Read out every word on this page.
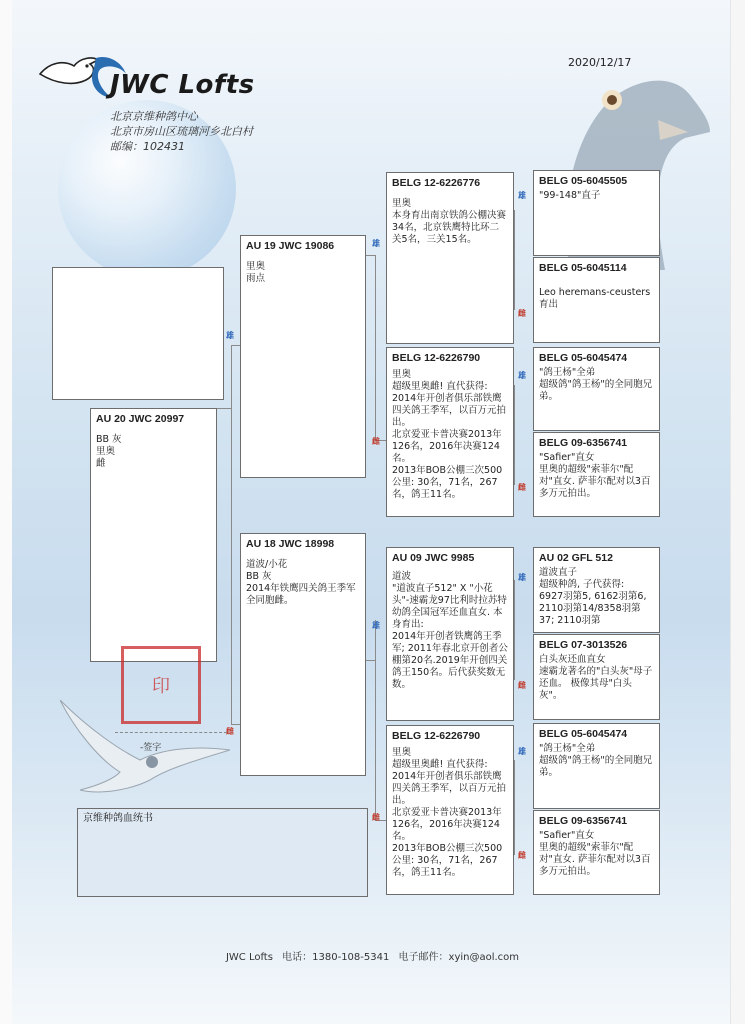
JWC Lofts
北京京维种鸽中心
北京市房山区琉璃河乡北白村
邮编：102431
2020/12/17
雄
雌
雄
雌
雄
雌
雄
雌
雄
雌
雄
雌
雄
雌
AU 20 JWC 20997
BB 灰
里奥
雌
AU 19 JWC 19086
里奥
雨点
AU 18 JWC 18998
道波/小花
BB 灰
2014年铁鹰四关鸽王季军全同胞雌。
BELG 12-6226776
里奥
本身育出南京铁鸽公棚决赛34名，北京铁鹰特比环二关5名，三关15名。
BELG 12-6226790
里奥
超级里奥雌! 直代获得:
2014年开创者俱乐部铁鹰四关鸽王季军，以百万元拍出。
北京爱亚卡普决赛2013年126名，2016年决赛124名。
2013年BOB公棚三次500公里: 30名，71名，267名，鸽王11名。
AU 09 JWC 9985
道波
"道波直子512" X "小花头"-速霸龙97比利时拉苏特幼鸽全国冠军还血直女. 本身育出:
2014年开创者铁鹰鸽王季军; 2011年春北京开创者公棚第20名.2019年开创四关鸽王150名。后代获奖数无数。
BELG 12-6226790
里奥
超级里奥雌! 直代获得:
2014年开创者俱乐部铁鹰四关鸽王季军，以百万元拍出。
北京爱亚卡普决赛2013年126名，2016年决赛124名。
2013年BOB公棚三次500公里: 30名，71名，267名，鸽王11名。
BELG 05-6045505
"99-148"直子
BELG 05-6045114
Leo heremans-ceusters 育出
BELG 05-6045474
"鸽王杨"全弟
超级鸽"鸽王杨"的全同胞兄弟。
BELG 09-6356741
"Safier"直女
里奥的超级"索菲尔"配对"直女. 萨菲尔配对以3百多万元拍出。
AU 02 GFL 512
道波直子
超级种鸽, 子代获得:
6927羽第5, 6162羽第6, 2110羽第14/8358羽第37; 2110羽第
BELG 07-3013526
白头灰还血直女
速霸龙著名的"白头灰"母子还血。 极像其母"白头灰"。
BELG 05-6045474
"鸽王杨"全弟
超级鸽"鸽王杨"的全同胞兄弟。
BELG 09-6356741
"Safier"直女
里奥的超级"索菲尔"配对"直女. 萨菲尔配对以3百多万元拍出。
印
-签字
京维种鸽血统书
JWC Lofts 电话：1380-108-5341 电子邮件：xyin@aol.com
